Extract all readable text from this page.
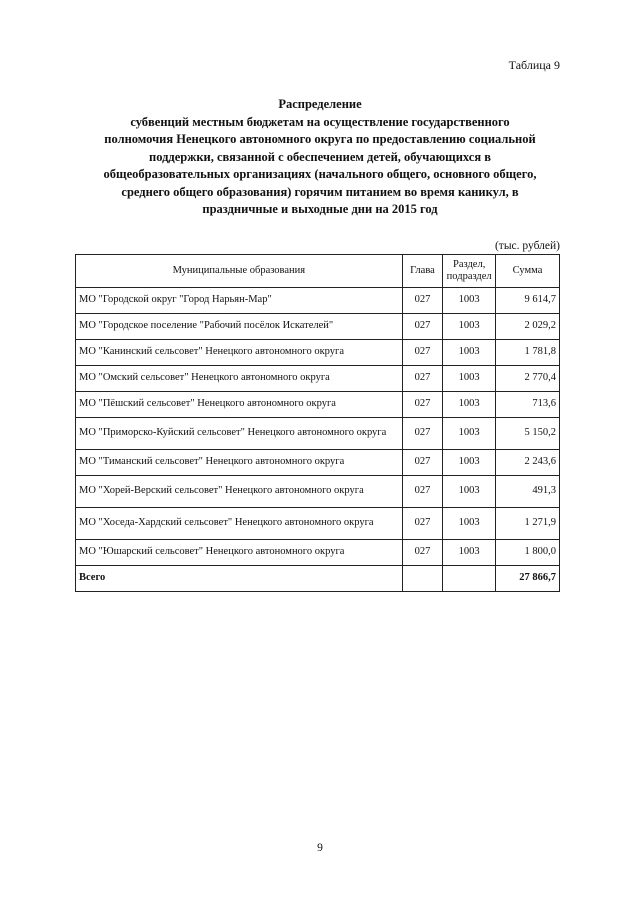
Таблица 9
Распределение
субвенций местным бюджетам на осуществление государственного
полномочия Ненецкого автономного округа по предоставлению социальной
поддержки, связанной с обеспечением детей, обучающихся в
общеобразовательных организациях (начального общего, основного общего,
среднего общего образования) горячим питанием во время каникул, в
праздничные и выходные дни на 2015 год
(тыс. рублей)
Муниципальные образования	Глава	Раздел, подраздел	Сумма
МО "Городской округ "Город Нарьян-Мар"	027	1003	9 614,7
МО "Городское поселение "Рабочий посёлок Искателей"	027	1003	2 029,2
МО "Канинский сельсовет" Ненецкого автономного округа	027	1003	1 781,8
МО "Омский сельсовет" Ненецкого автономного округа	027	1003	2 770,4
МО "Пёшский сельсовет" Ненецкого автономного округа	027	1003	713,6
МО "Приморско-Куйский сельсовет" Ненецкого автономного округа	027	1003	5 150,2
МО "Тиманский сельсовет" Ненецкого автономного округа	027	1003	2 243,6
МО "Хорей-Верский сельсовет" Ненецкого автономного округа	027	1003	491,3
МО "Хоседа-Хардский сельсовет" Ненецкого автономного округа	027	1003	1 271,9
МО "Юшарский сельсовет" Ненецкого автономного округа	027	1003	1 800,0
Всего			27 866,7
9
